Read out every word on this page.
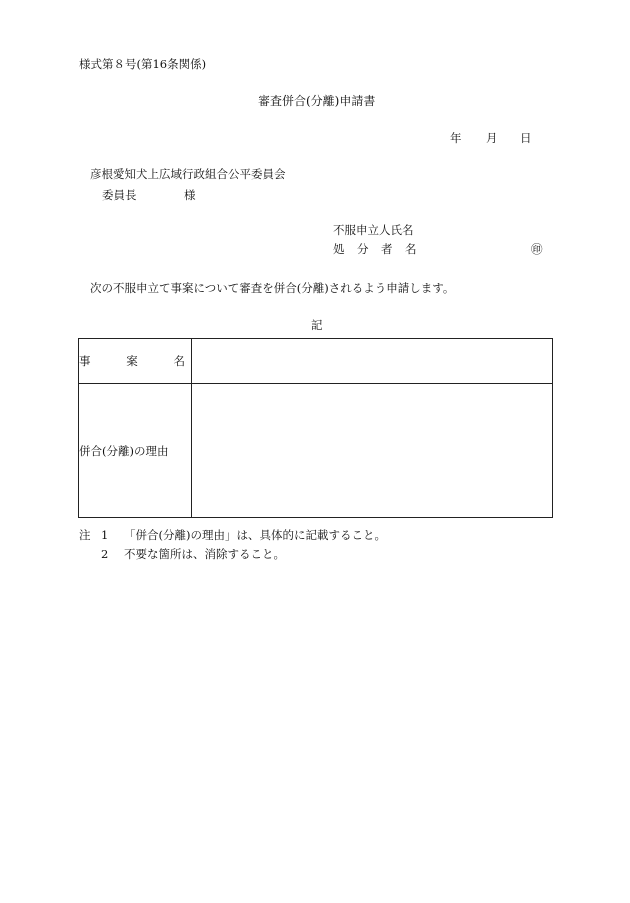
様式第８号(第16条関係)
審査併合(分離)申請書
年 月 日
彦根愛知犬上広域行政組合公平委員会
委員長	様
不服申立人氏名
処 分 者 名	㊞
次の不服申立て事案について審査を併合(分離)されるよう申請します。
記
事 案 名	

併合(分離)の理由	
注 1 「併合(分離)の理由」は、具体的に記載すること。
2 不要な箇所は、消除すること。
